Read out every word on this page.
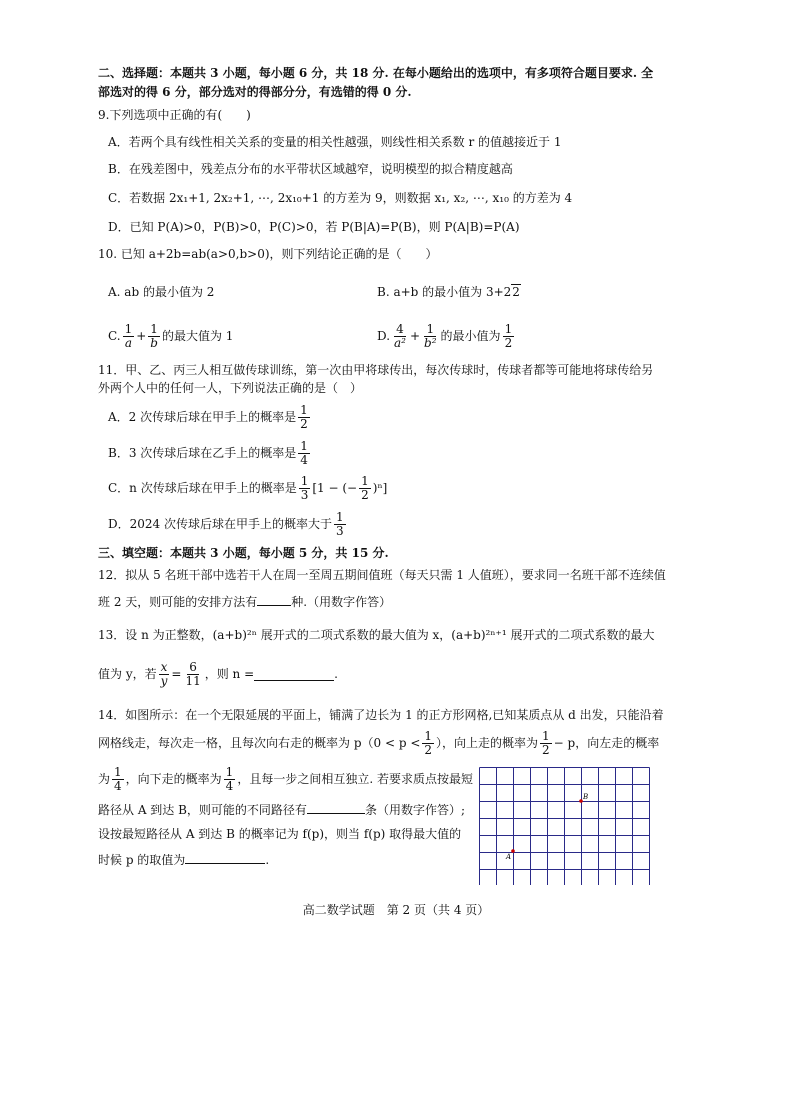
二、选择题：本题共 3 小题，每小题 6 分，共 18 分. 在每小题给出的选项中，有多项符合题目要求. 全
部选对的得 6 分，部分选对的得部分分，有选错的得 0 分.
9.下列选项中正确的有(　　)
A．若两个具有线性相关关系的变量的相关性越强，则线性相关系数 r 的值越接近于 1
B．在残差图中，残差点分布的水平带状区域越窄，说明模型的拟合精度越高
C．若数据 2x₁+1, 2x₂+1, ⋯, 2x₁₀+1 的方差为 9，则数据 x₁, x₂, ⋯, x₁₀ 的方差为 4
D．已知 P(A)>0，P(B)>0，P(C)>0，若 P(B|A)=P(B)，则 P(A|B)=P(A)
10. 已知 a+2b=ab(a>0,b>0)，则下列结论正确的是（　　）
A. ab 的最小值为 2	B. a+b 的最小值为 3+22
C. $\frac{1}{a} + \frac{1}{b}$ 的最大值为 1	D. $\frac{4}{\text{a²}} + \frac{1}{\text{b²}}$ 的最小值为 $\frac{1}{2}$
11．甲、乙、丙三人相互做传球训练，第一次由甲将球传出，每次传球时，传球者都等可能地将球传给另
外两个人中的任何一人，下列说法正确的是（　）
A．2 次传球后球在甲手上的概率是 $\frac{1}{2}$
B．3 次传球后球在乙手上的概率是 $\frac{1}{4}$
C．n 次传球后球在甲手上的概率是 $\frac{1}{3} [1$ − (− $\frac{1}{2} )^n$]
D．2024 次传球后球在甲手上的概率大于 $\frac{1}{3}$
三、填空题：本题共 3 小题，每小题 5 分，共 15 分.
12．拟从 5 名班干部中选若干人在周一至周五期间值班（每天只需 1 人值班），要求同一名班干部不连续值
班 2 天，则可能的安排方法有	种.（用数字作答）
13．设 n 为正整数，(a+b)²ⁿ 展开式的二项式系数的最大值为 x，(a+b)²ⁿ⁺¹ 展开式的二项式系数的最大
值为 y，若 $\frac{x}{y} = \frac{6}{11}$ ，则 n =	.
14．如图所示：在一个无限延展的平面上，铺满了边长为 1 的正方形网格,已知某质点从 d 出发，只能沿着
网格线走，每次走一格，且每次向右走的概率为 $p(0 < p < \frac{1}{2}$ ），向上走的概率为 $\frac{1}{2} - p$，向左走的概率
为 $\frac{1}{4}$ ，向下走的概率为 $\frac{1}{4}$ ，且每一步之间相互独立. 若要求质点按最短
路径从 A 到达 B，则可能的不同路径有	条（用数字作答）;
设按最短路径从 A 到达 B 的概率记为 f(p)，则当 f(p) 取得最大值的
时候 p 的取值为	.
B
A
高二数学试题　第 2 页（共 4 页）
